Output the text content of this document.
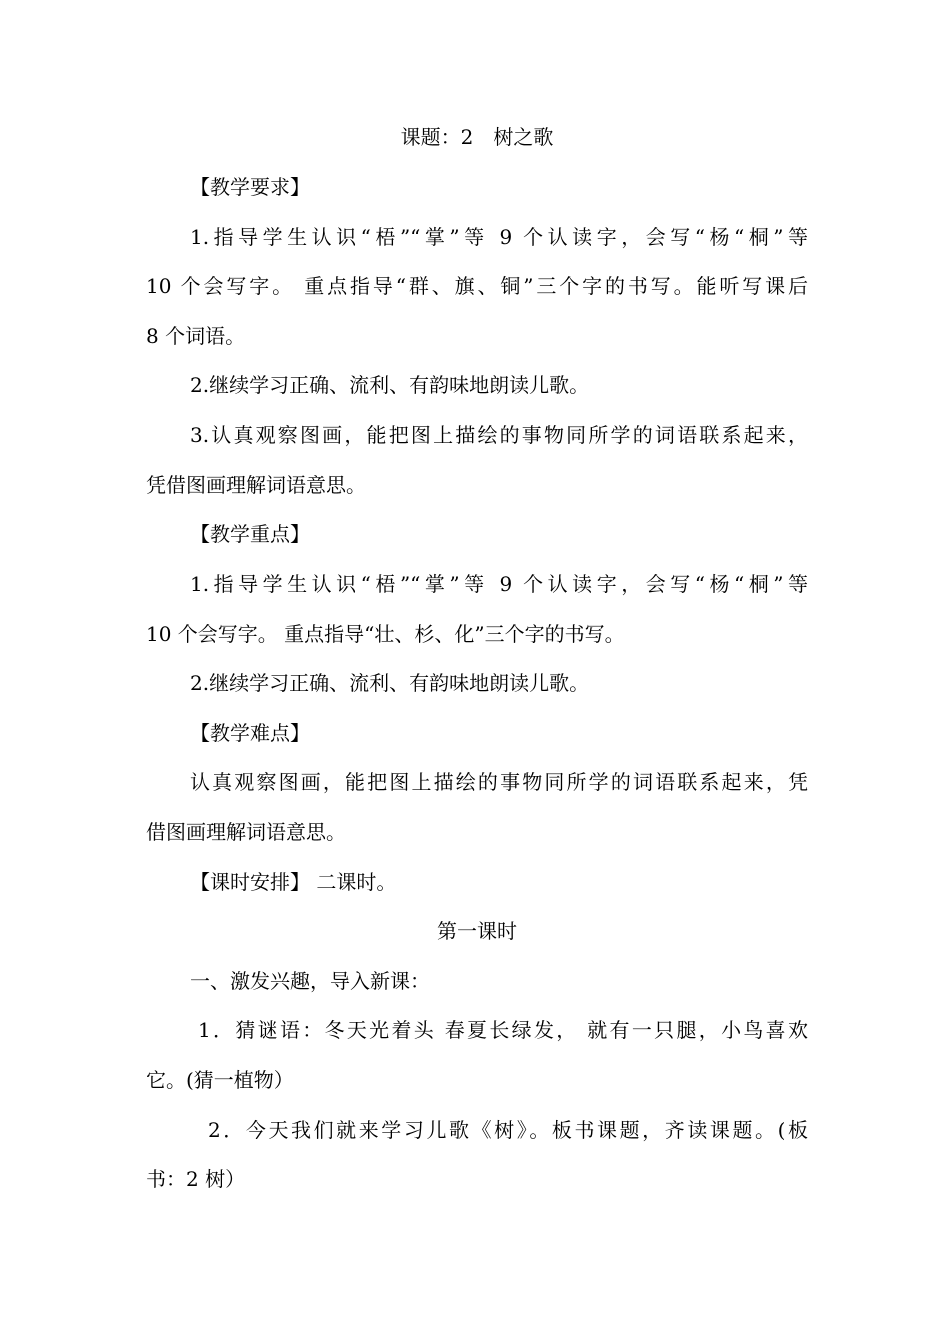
课题：2　树之歌
【教学要求】
1.指导学生认识“梧”“掌”等 9 个认读字，会写“杨“桐”等
10 个会写字。 重点指导“群、旗、铜”三个字的书写。能听写课后
8 个词语。
2.继续学习正确、流利、有韵味地朗读儿歌。
3.认真观察图画，能把图上描绘的事物同所学的词语联系起来，
凭借图画理解词语意思。
【教学重点】
1.指导学生认识“梧”“掌”等 9 个认读字，会写“杨“桐”等
10 个会写字。 重点指导“壮、杉、化”三个字的书写。
2.继续学习正确、流利、有韵味地朗读儿歌。
【教学难点】
认真观察图画，能把图上描绘的事物同所学的词语联系起来，凭
借图画理解词语意思。
【课时安排】 二课时。
第一课时
一、激发兴趣，导入新课：
1．猜谜语：冬天光着头 春夏长绿发， 就有一只腿，小鸟喜欢
它。(猜一植物）
2．今天我们就来学习儿歌《树》。板书课题，齐读课题。(板
书：2 树）
